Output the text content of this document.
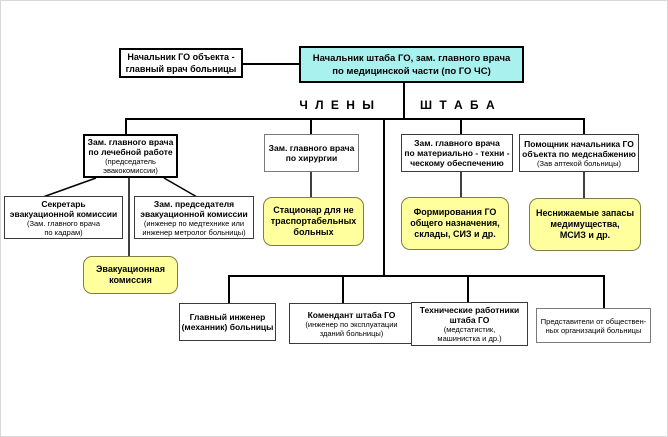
Начальник ГО объекта -
главный врач больницы
Начальник штаба ГО, зам. главного врача
по медицинской части (по ГО ЧС)
Ч Л Е Н Ы	Ш Т А Б А
Зам. главного врача
по лечебной работе
(председатель
эвакокомиссии)
Зам. главного врача
по хирургии
Зам. главного врача
по материально - техни -
ческому обеспечению
Помощник начальника ГО
объекта по медснабжению
(Зав аптекой больницы)
Секретарь
эвакуационной комиссии
(Зам. главного врача
по кадрам)
Зам. председателя
эвакуационной комиссии
(инженер по медтехнике или
инженер метролог больницы)
Стационар для не
траспортабельных
больных
Формирования ГО
общего назначения,
склады, СИЗ и др.
Неснижаемые запасы
медимущества,
МСИЗ и др.
Эвакуационная
комиссия
Главный инженер
(механник) больницы
Комендант штаба ГО
(инженер по эксплуатации
зданий больницы)
Технические работники
штаба ГО
(медстатистик,
машинистка и др.)
Представители от обществен-
ных организаций больницы
